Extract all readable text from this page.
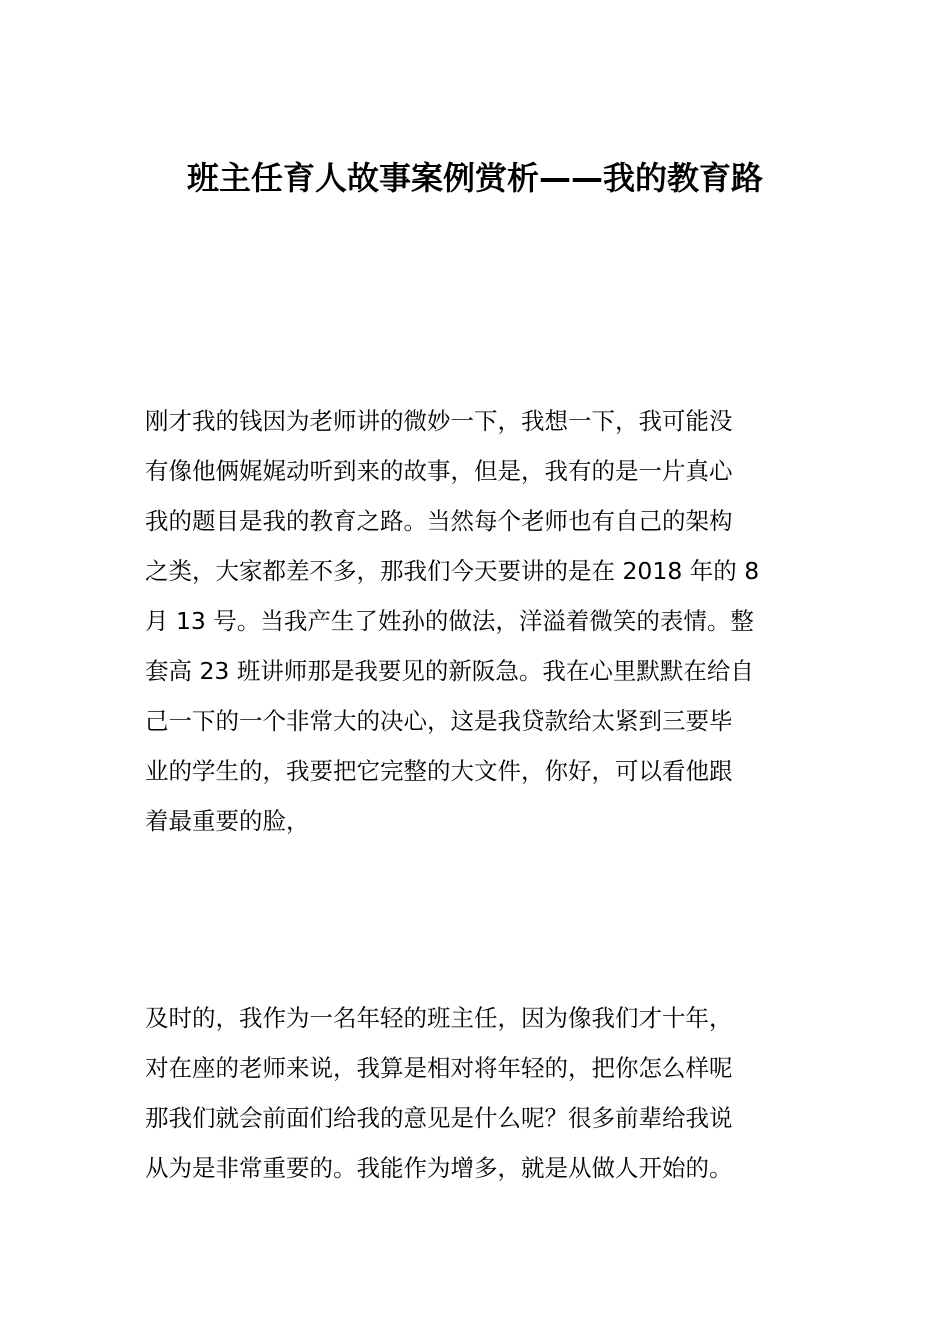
班主任育人故事案例赏析——我的教育路
刚才我的钱因为老师讲的微妙一下，我想一下，我可能没
有像他俩娓娓动听到来的故事，但是，我有的是一片真心
我的题目是我的教育之路。当然每个老师也有自己的架构
之类，大家都差不多，那我们今天要讲的是在 2018 年的 8
月 13 号。当我产生了姓孙的做法，洋溢着微笑的表情。整
套高 23 班讲师那是我要见的新阪急。我在心里默默在给自
己一下的一个非常大的决心，这是我贷款给太紧到三要毕
业的学生的，我要把它完整的大文件，你好，可以看他跟
着最重要的脸，
及时的，我作为一名年轻的班主任，因为像我们才十年，
对在座的老师来说，我算是相对将年轻的，把你怎么样呢
那我们就会前面们给我的意见是什么呢？很多前辈给我说
从为是非常重要的。我能作为增多，就是从做人开始的。
